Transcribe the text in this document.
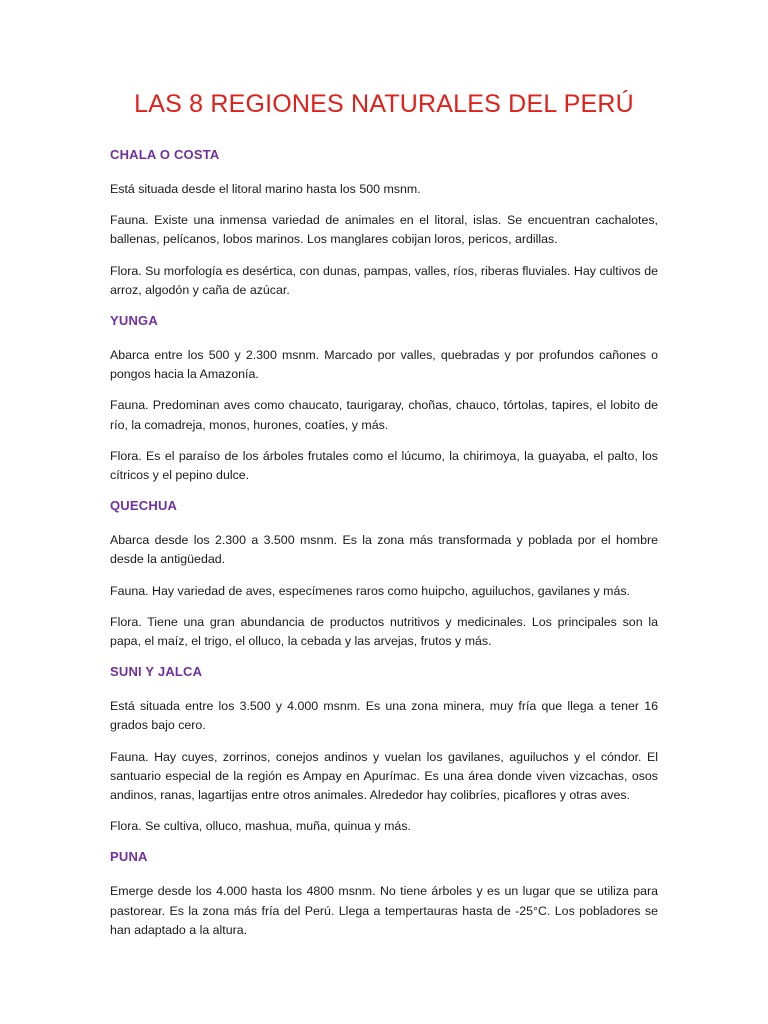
LAS 8 REGIONES NATURALES DEL PERÚ
CHALA O COSTA

Está situada desde el litoral marino hasta los 500 msnm.

Fauna. Existe una inmensa variedad de animales en el litoral, islas. Se encuentran cachalotes, ballenas, pelícanos, lobos marinos. Los manglares cobijan loros, pericos, ardillas.

Flora. Su morfología es desértica, con dunas, pampas, valles, ríos, riberas fluviales. Hay cultivos de arroz, algodón y caña de azúcar.

YUNGA

Abarca entre los 500 y 2.300 msnm. Marcado por valles, quebradas y por profundos cañones o pongos hacia la Amazonía.

Fauna. Predominan aves como chaucato, taurigaray, choñas, chauco, tórtolas, tapires, el lobito de río, la comadreja, monos, hurones, coatíes, y más.

Flora. Es el paraíso de los árboles frutales como el lúcumo, la chirimoya, la guayaba, el palto, los cítricos y el pepino dulce.

QUECHUA

Abarca desde los 2.300 a 3.500 msnm. Es la zona más transformada y poblada por el hombre desde la antigüedad.

Fauna. Hay variedad de aves, especímenes raros como huipcho, aguiluchos, gavilanes y más.

Flora. Tiene una gran abundancia de productos nutritivos y medicinales. Los principales son la papa, el maíz, el trigo, el olluco, la cebada y las arvejas, frutos y más.

SUNI Y JALCA

Está situada entre los 3.500 y 4.000 msnm. Es una zona minera, muy fría que llega a tener 16 grados bajo cero.

Fauna. Hay cuyes, zorrinos, conejos andinos y vuelan los gavilanes, aguiluchos y el cóndor. El santuario especial de la región es Ampay en Apurímac. Es una área donde viven vizcachas, osos andinos, ranas, lagartijas entre otros animales. Alrededor hay colibríes, picaflores y otras aves.

Flora. Se cultiva, olluco, mashua, muña, quinua y más.

PUNA

Emerge desde los 4.000 hasta los 4800 msnm. No tiene árboles y es un lugar que se utiliza para pastorear. Es la zona más fría del Perú. Llega a tempertauras hasta de -25°C. Los pobladores se han adaptado a la altura.
